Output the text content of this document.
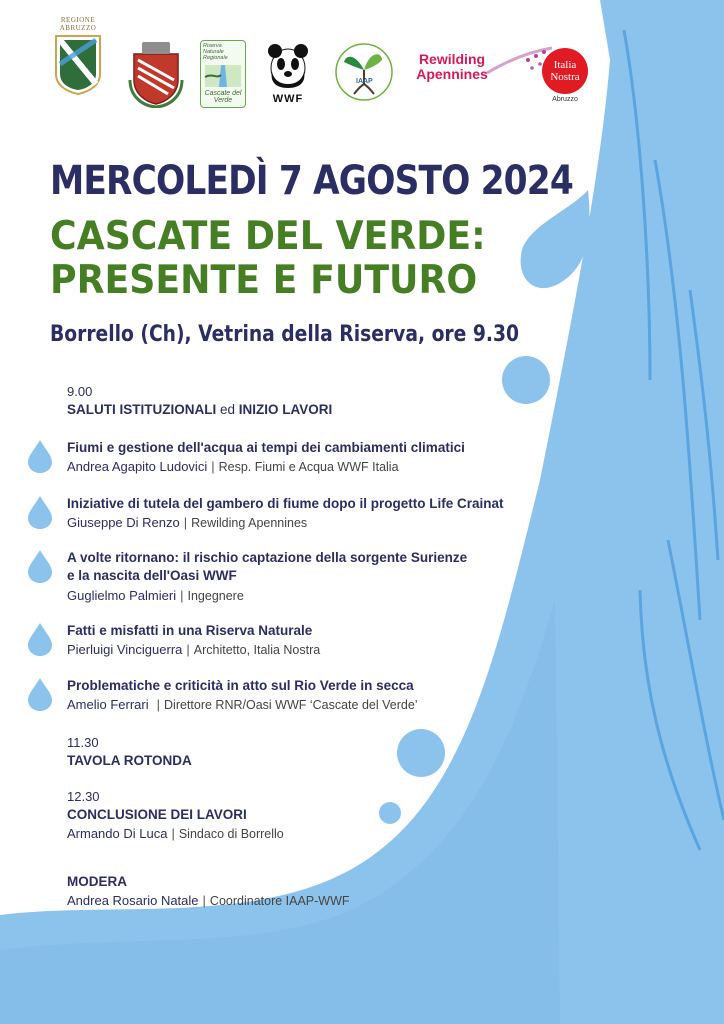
REGIONE
ABRUZZO
Riserva Naturale Regionale
Cascate del Verde	WWF
IAAP
Rewilding Apennines
Italia Nostra
Abruzzo
MERCOLEDÌ 7 AGOSTO 2024
CASCATE DEL VERDE:
PRESENTE E FUTURO
Borrello (Ch), Vetrina della Riserva, ore 9.30
9.00
SALUTI ISTITUZIONALI ed INIZIO LAVORI
Fiumi e gestione dell'acqua ai tempi dei cambiamenti climatici
Andrea Agapito Ludovici | Resp. Fiumi e Acqua WWF Italia
Iniziative di tutela del gambero di fiume dopo il progetto Life Crainat
Giuseppe Di Renzo | Rewilding Apennines
A volte ritornano: il rischio captazione della sorgente Surienze
e la nascita dell'Oasi WWF
Guglielmo Palmieri | Ingegnere
Fatti e misfatti in una Riserva Naturale
Pierluigi Vinciguerra | Architetto, Italia Nostra
Problematiche e criticità in atto sul Rio Verde in secca
Amelio Ferrari | Direttore RNR/Oasi WWF ‘Cascate del Verde’
11.30
TAVOLA ROTONDA
12.30
CONCLUSIONE DEI LAVORI
Armando Di Luca | Sindaco di Borrello
MODERA
Andrea Rosario Natale | Coordinatore IAAP-WWF
